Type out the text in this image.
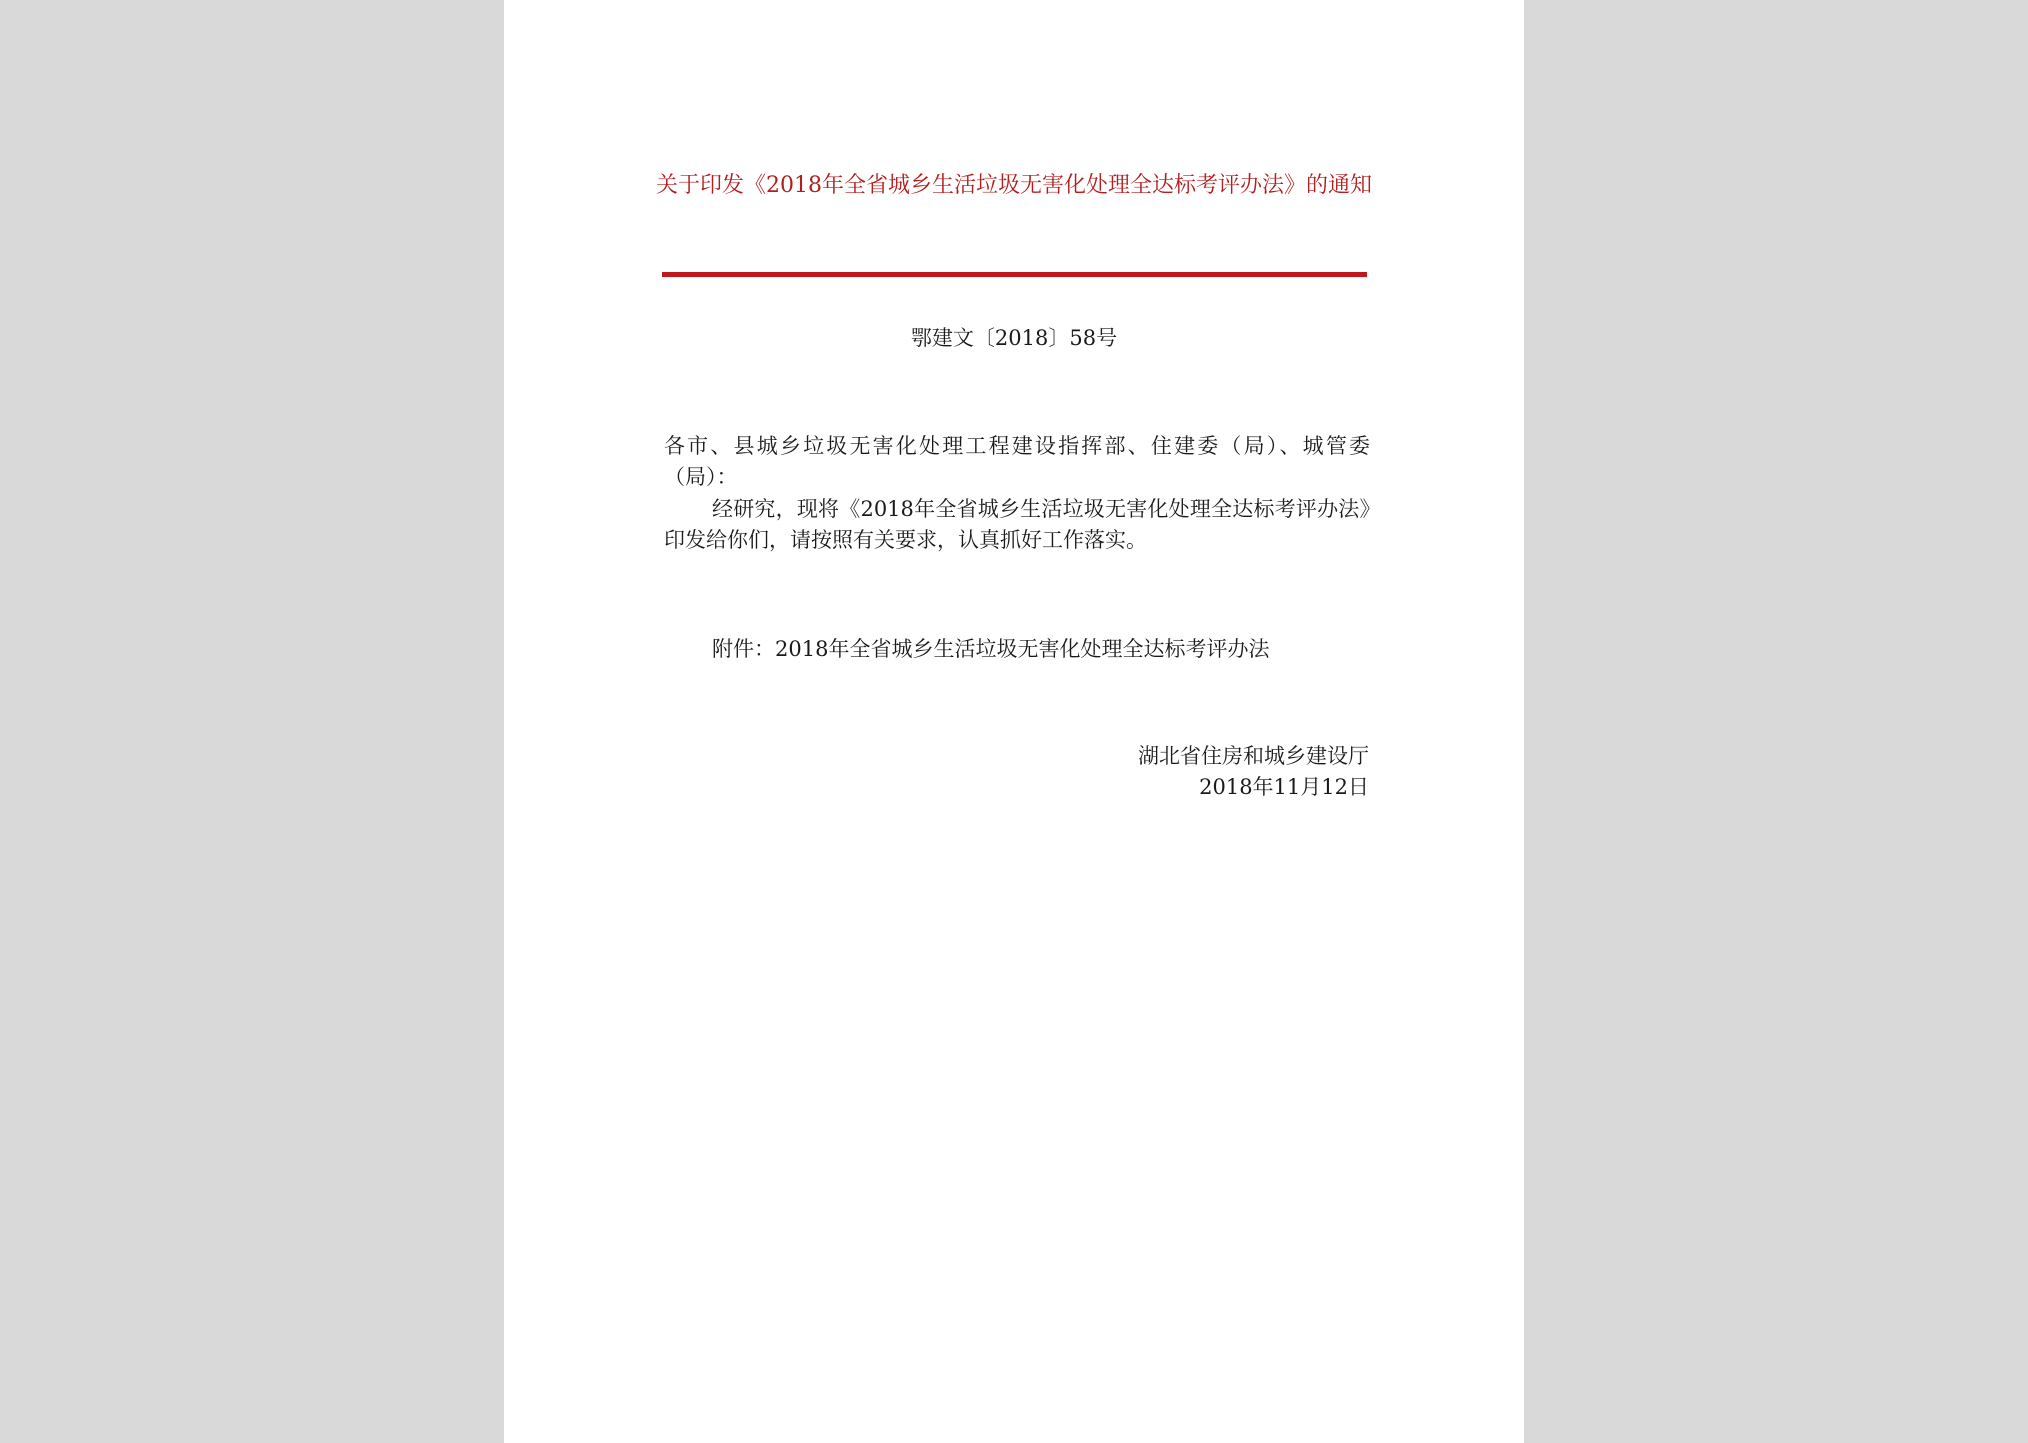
关于印发《2018年全省城乡生活垃圾无害化处理全达标考评办法》的通知

鄂建文〔2018〕58号

各市、县城乡垃圾无害化处理工程建设指挥部、住建委（局）、城管委（局）：

经研究，现将《2018年全省城乡生活垃圾无害化处理全达标考评办法》印发给你们，请按照有关要求，认真抓好工作落实。

附件：2018年全省城乡生活垃圾无害化处理全达标考评办法

湖北省住房和城乡建设厅
2018年11月12日
